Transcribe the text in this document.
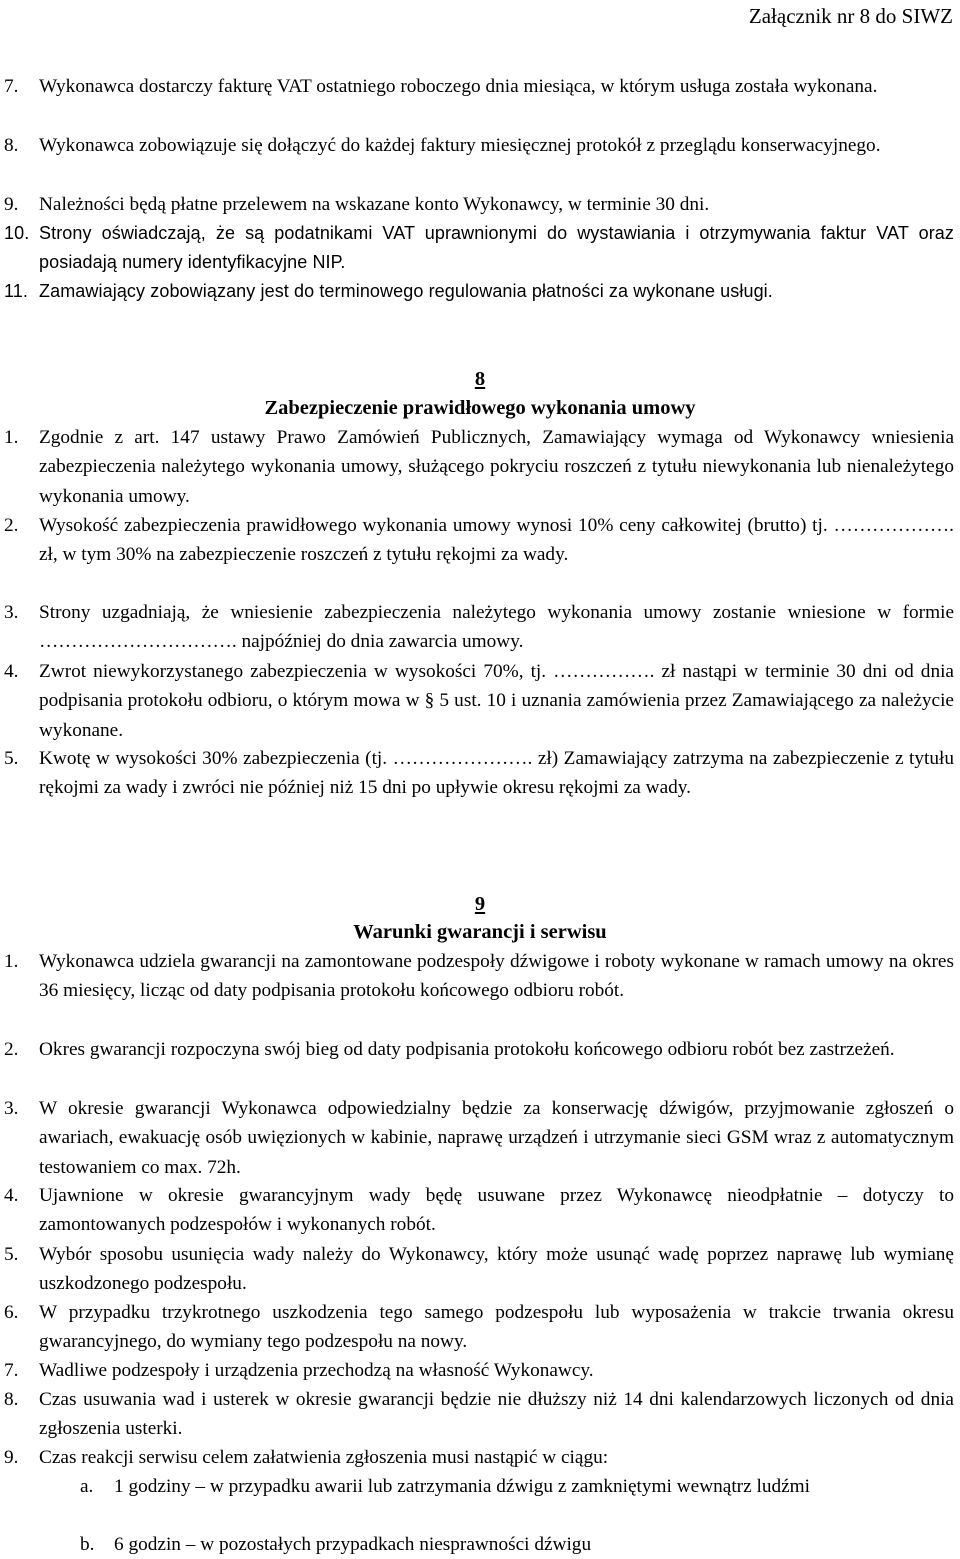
Załącznik nr 8 do SIWZ
7. Wykonawca dostarczy fakturę VAT ostatniego roboczego dnia miesiąca, w którym usługa została wykonana.
8. Wykonawca zobowiązuje się dołączyć do każdej faktury miesięcznej protokół z przeglądu konserwacyjnego.
9. Należności będą płatne przelewem na wskazane konto Wykonawcy, w terminie 30 dni.
10. Strony oświadczają, że są podatnikami VAT uprawnionymi do wystawiania i otrzymywania faktur VAT oraz posiadają numery identyfikacyjne NIP.
11. Zamawiający zobowiązany jest do terminowego regulowania płatności za wykonane usługi.
8
Zabezpieczenie prawidłowego wykonania umowy
1. Zgodnie z art. 147 ustawy Prawo Zamówień Publicznych, Zamawiający wymaga od Wykonawcy wniesienia zabezpieczenia należytego wykonania umowy, służącego pokryciu roszczeń z tytułu niewykonania lub nienależytego wykonania umowy.
2. Wysokość zabezpieczenia prawidłowego wykonania umowy wynosi 10% ceny całkowitej (brutto) tj. ………………. zł, w tym 30% na zabezpieczenie roszczeń z tytułu rękojmi za wady.
3. Strony uzgadniają, że wniesienie zabezpieczenia należytego wykonania umowy zostanie wniesione w formie …………………………. najpóźniej do dnia zawarcia umowy.
4. Zwrot niewykorzystanego zabezpieczenia w wysokości 70%, tj. ……………. zł nastąpi w terminie 30 dni od dnia podpisania protokołu odbioru, o którym mowa w § 5 ust. 10 i uznania zamówienia przez Zamawiającego za należycie wykonane.
5. Kwotę w wysokości 30% zabezpieczenia (tj. …………………. zł) Zamawiający zatrzyma na zabezpieczenie z tytułu rękojmi za wady i zwróci nie później niż 15 dni po upływie okresu rękojmi za wady.
9
Warunki gwarancji i serwisu
1. Wykonawca udziela gwarancji na zamontowane podzespoły dźwigowe i roboty wykonane w ramach umowy na okres 36 miesięcy, licząc od daty podpisania protokołu końcowego odbioru robót.
2. Okres gwarancji rozpoczyna swój bieg od daty podpisania protokołu końcowego odbioru robót bez zastrzeżeń.
3. W okresie gwarancji Wykonawca odpowiedzialny będzie za konserwację dźwigów, przyjmowanie zgłoszeń o awariach, ewakuację osób uwięzionych w kabinie, naprawę urządzeń i utrzymanie sieci GSM wraz z automatycznym testowaniem co max. 72h.
4. Ujawnione w okresie gwarancyjnym wady będę usuwane przez Wykonawcę nieodpłatnie – dotyczy to zamontowanych podzespołów i wykonanych robót.
5. Wybór sposobu usunięcia wady należy do Wykonawcy, który może usunąć wadę poprzez naprawę lub wymianę uszkodzonego podzespołu.
6. W przypadku trzykrotnego uszkodzenia tego samego podzespołu lub wyposażenia w trakcie trwania okresu gwarancyjnego, do wymiany tego podzespołu na nowy.
7. Wadliwe podzespoły i urządzenia przechodzą na własność Wykonawcy.
8. Czas usuwania wad i usterek w okresie gwarancji będzie nie dłuższy niż 14 dni kalendarzowych liczonych od dnia zgłoszenia usterki.
9. Czas reakcji serwisu celem załatwienia zgłoszenia musi nastąpić w ciągu:
a. 1 godziny – w przypadku awarii lub zatrzymania dźwigu z zamkniętymi wewnątrz ludźmi
b. 6 godzin – w pozostałych przypadkach niesprawności dźwigu
